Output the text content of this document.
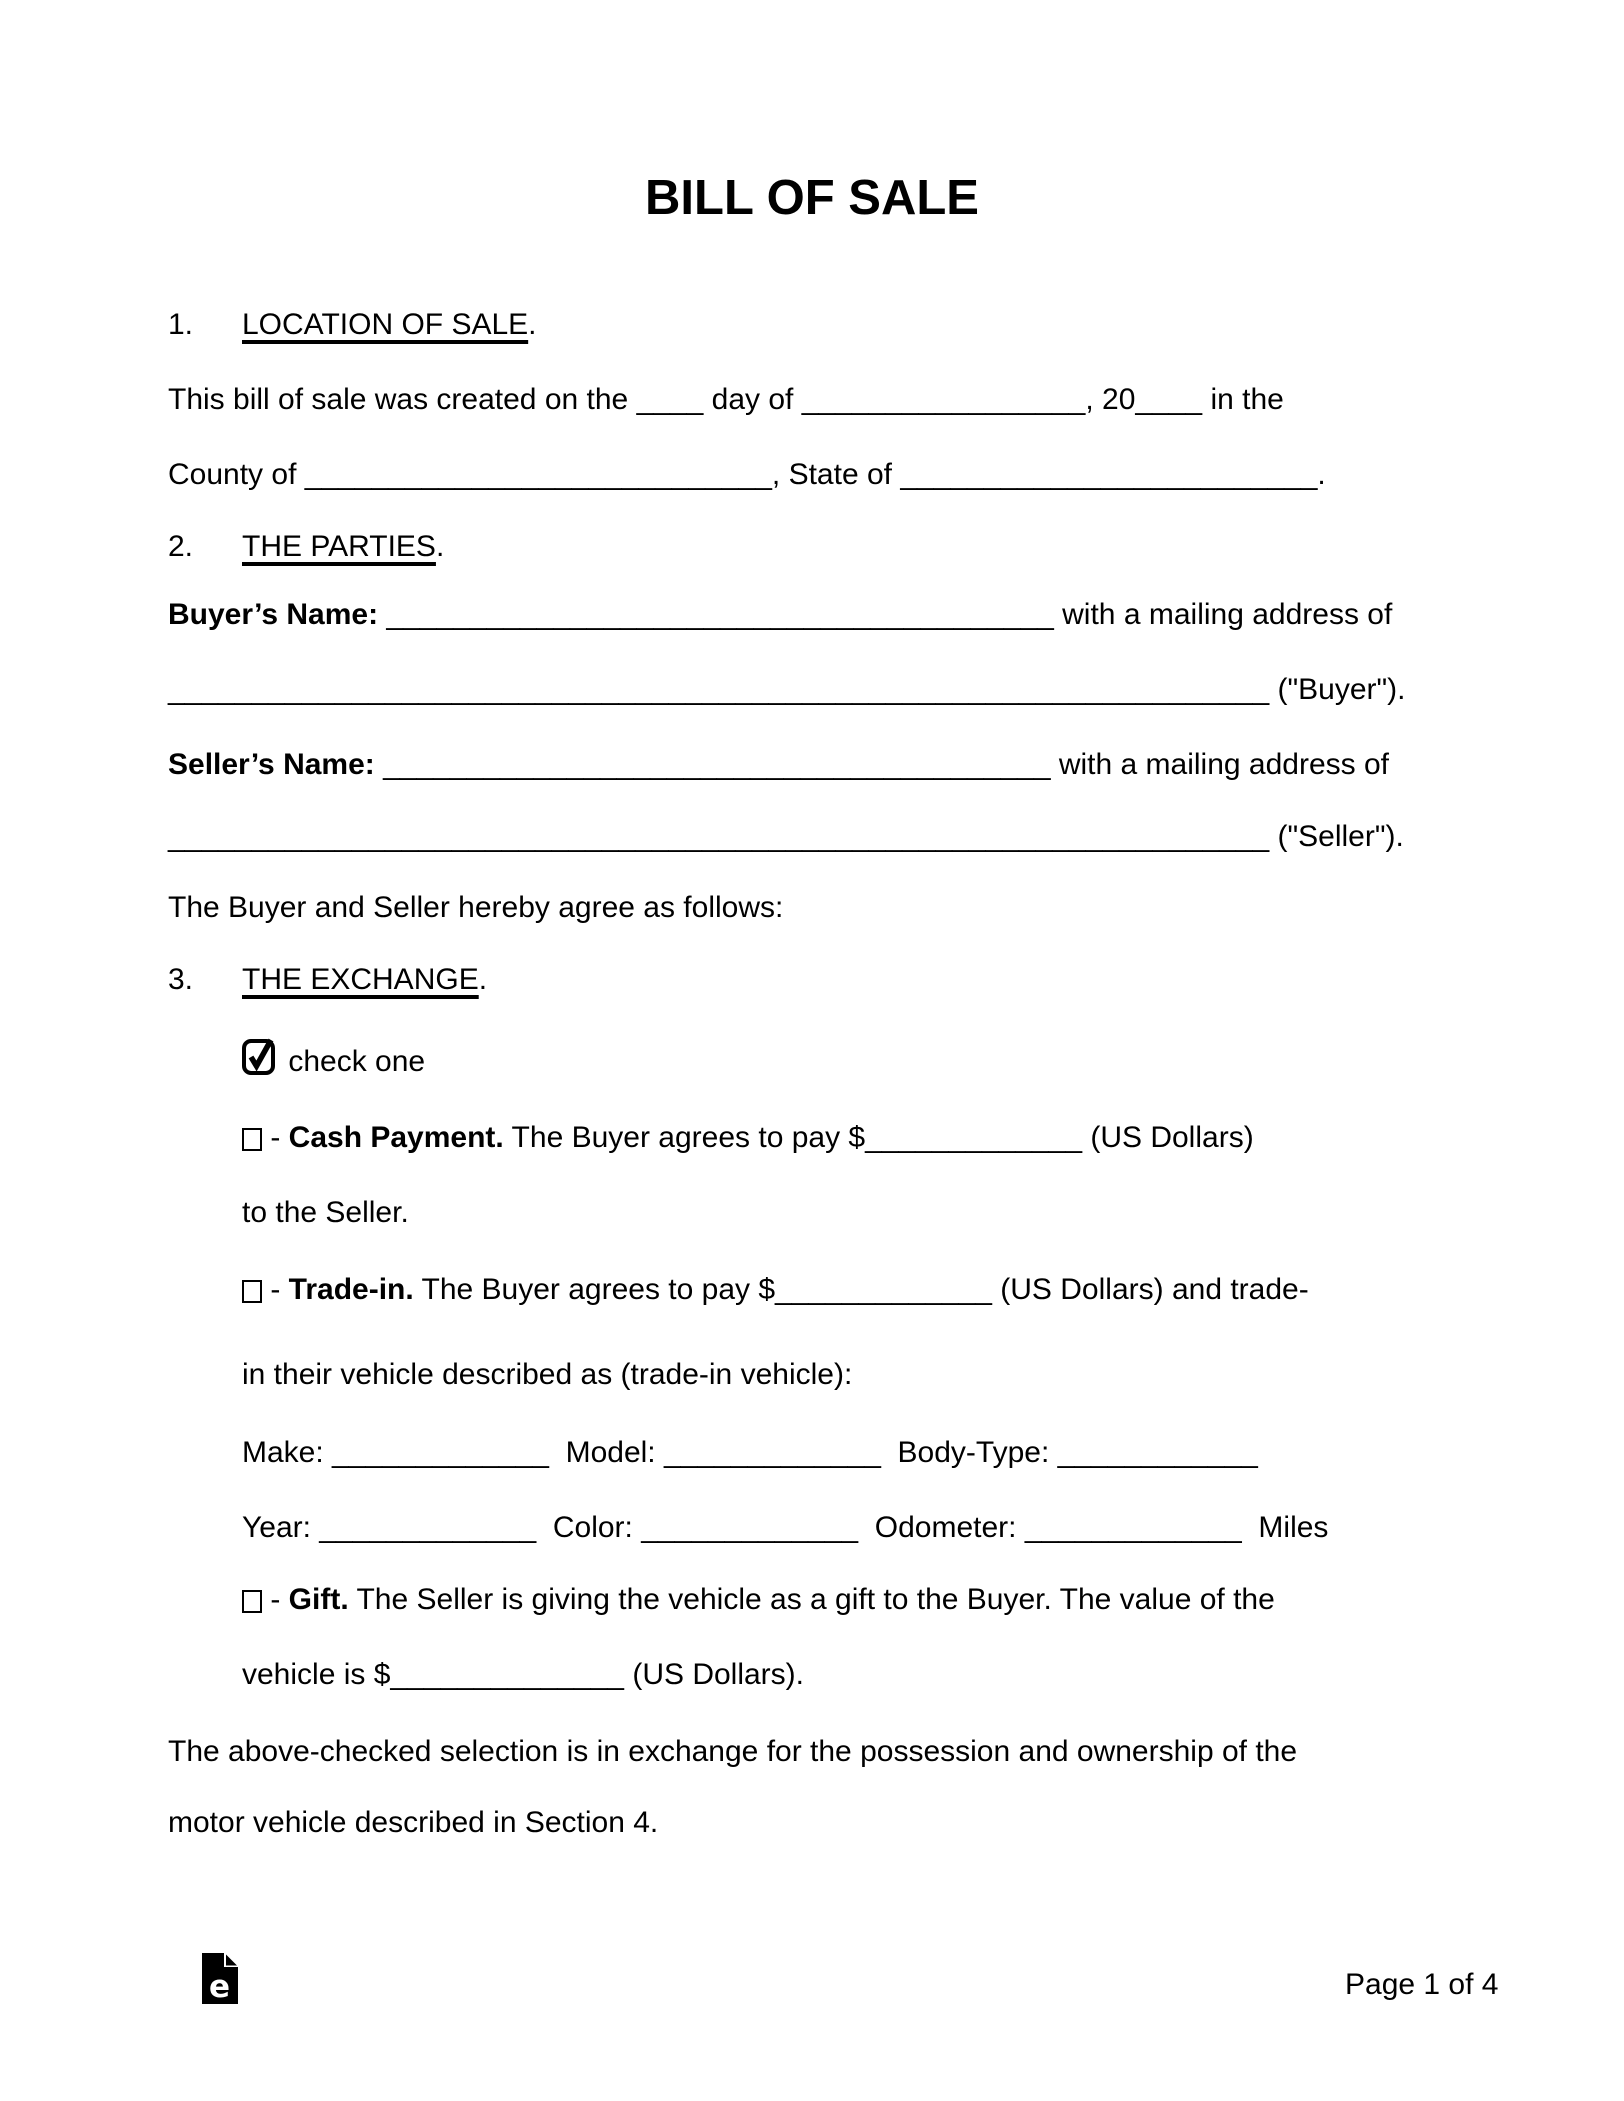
BILL OF SALE
1. LOCATION OF SALE.
This bill of sale was created on the ____ day of _________________, 20____ in the
County of ____________________________, State of _________________________.
2. THE PARTIES.
Buyer’s Name: ________________________________________ with a mailing address of
__________________________________________________________________ ("Buyer").
Seller’s Name: ________________________________________ with a mailing address of
__________________________________________________________________ ("Seller").
The Buyer and Seller hereby agree as follows:
3. THE EXCHANGE.
check one
- Cash Payment. The Buyer agrees to pay $_____________ (US Dollars)
to the Seller.
- Trade-in. The Buyer agrees to pay $_____________ (US Dollars) and trade-
in their vehicle described as (trade-in vehicle):
Make: _____________  Model: _____________  Body-Type: ____________
Year: _____________  Color: _____________  Odometer: _____________  Miles
- Gift. The Seller is giving the vehicle as a gift to the Buyer. The value of the
vehicle is $______________ (US Dollars).
The above-checked selection is in exchange for the possession and ownership of the
motor vehicle described in Section 4.
e	Page 1 of 4
